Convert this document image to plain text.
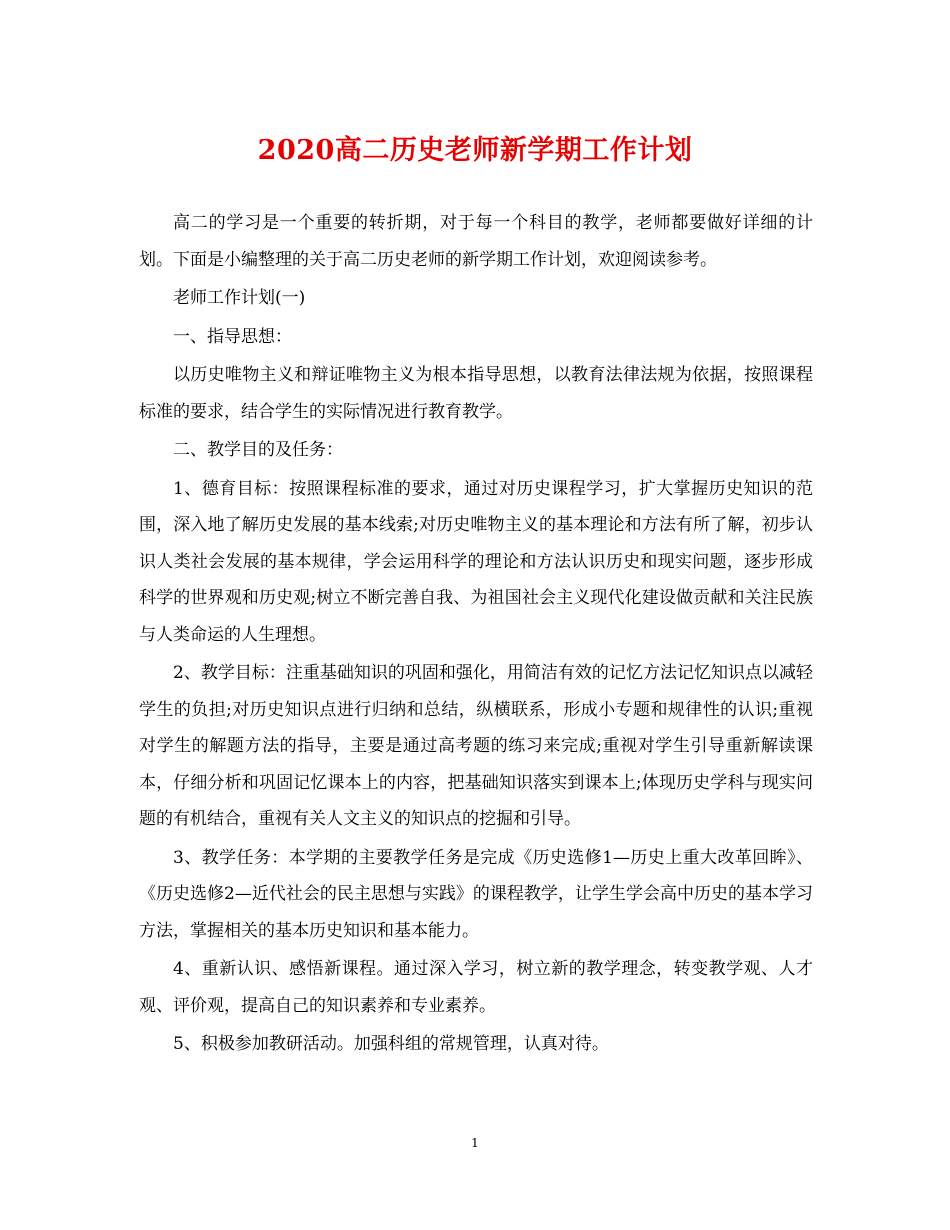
2020高二历史老师新学期工作计划

高二的学习是一个重要的转折期，对于每一个科目的教学，老师都要做好详细的计划。下面是小编整理的关于高二历史老师的新学期工作计划，欢迎阅读参考。

老师工作计划(一)

一、指导思想：

以历史唯物主义和辩证唯物主义为根本指导思想，以教育法律法规为依据，按照课程标准的要求，结合学生的实际情况进行教育教学。

二、教学目的及任务：

1、德育目标：按照课程标准的要求，通过对历史课程学习，扩大掌握历史知识的范围，深入地了解历史发展的基本线索;对历史唯物主义的基本理论和方法有所了解，初步认识人类社会发展的基本规律，学会运用科学的理论和方法认识历史和现实问题，逐步形成科学的世界观和历史观;树立不断完善自我、为祖国社会主义现代化建设做贡献和关注民族与人类命运的人生理想。

2、教学目标：注重基础知识的巩固和强化，用简洁有效的记忆方法记忆知识点以减轻学生的负担;对历史知识点进行归纳和总结，纵横联系，形成小专题和规律性的认识;重视对学生的解题方法的指导，主要是通过高考题的练习来完成;重视对学生引导重新解读课本，仔细分析和巩固记忆课本上的内容，把基础知识落实到课本上;体现历史学科与现实问题的有机结合，重视有关人文主义的知识点的挖掘和引导。

3、教学任务：本学期的主要教学任务是完成《历史选修1—历史上重大改革回眸》、《历史选修2—近代社会的民主思想与实践》的课程教学，让学生学会高中历史的基本学习方法，掌握相关的基本历史知识和基本能力。

4、重新认识、感悟新课程。通过深入学习，树立新的教学理念，转变教学观、人才观、评价观，提高自己的知识素养和专业素养。

5、积极参加教研活动。加强科组的常规管理，认真对待。

1
